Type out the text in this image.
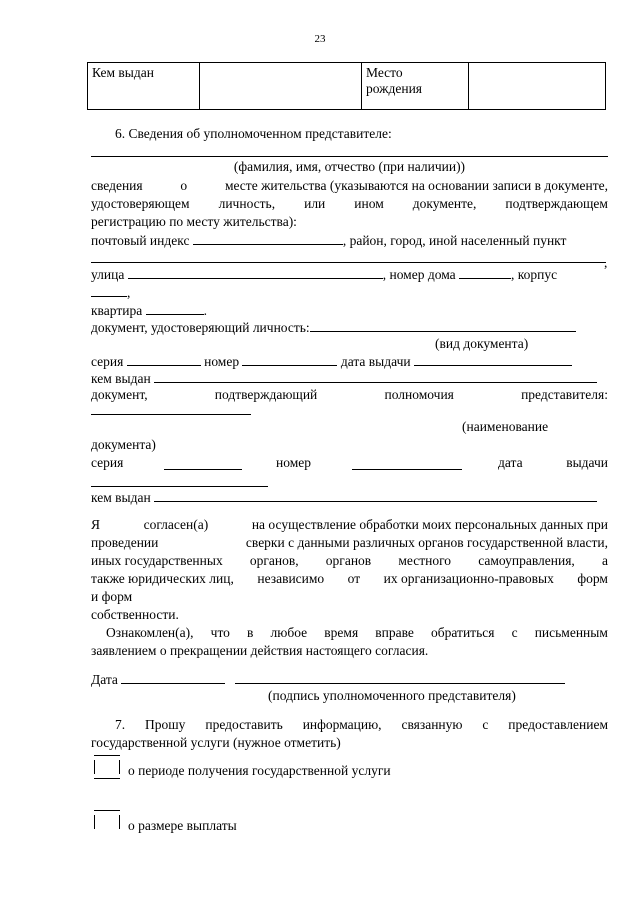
23
Кем выдан		Место
рождения

6. Сведения об уполномоченном представителе:
(фамилия, имя, отчество (при наличии))
сведения	о	месте жительства (указываются на основании записи в документе,
удостоверяющем личность, или ином документе, подтверждающем
регистрацию по месту жительства):
почтовый индекс	, район, город, иной населенный пункт
,
улица	, номер дома	, корпус
,
квартира	.
документ, удостоверяющий личность:
(вид документа)
серия	номер	дата выдачи
кем выдан
документ,	подтверждающий	полномочия	представителя:
(наименование
документа)
серия	номер	дата	выдачи
кем выдан
Я	согласен(а)	на осуществление обработки моих персональных данных при
проведении	сверки с данными различных органов государственной власти,
иных государственных органов, органов местного самоуправления, а
также юридических лиц, независимо от их организационно-правовых форм
и форм
собственности.
Ознакомлен(а), что в любое время вправе обратиться с письменным
заявлением о прекращении действия настоящего согласия.
Дата
(подпись уполномоченного представителя)
7. Прошу предоставить информацию, связанную с предоставлением
государственной услуги (нужное отметить)
о периоде получения государственной услуги
о размере выплаты
